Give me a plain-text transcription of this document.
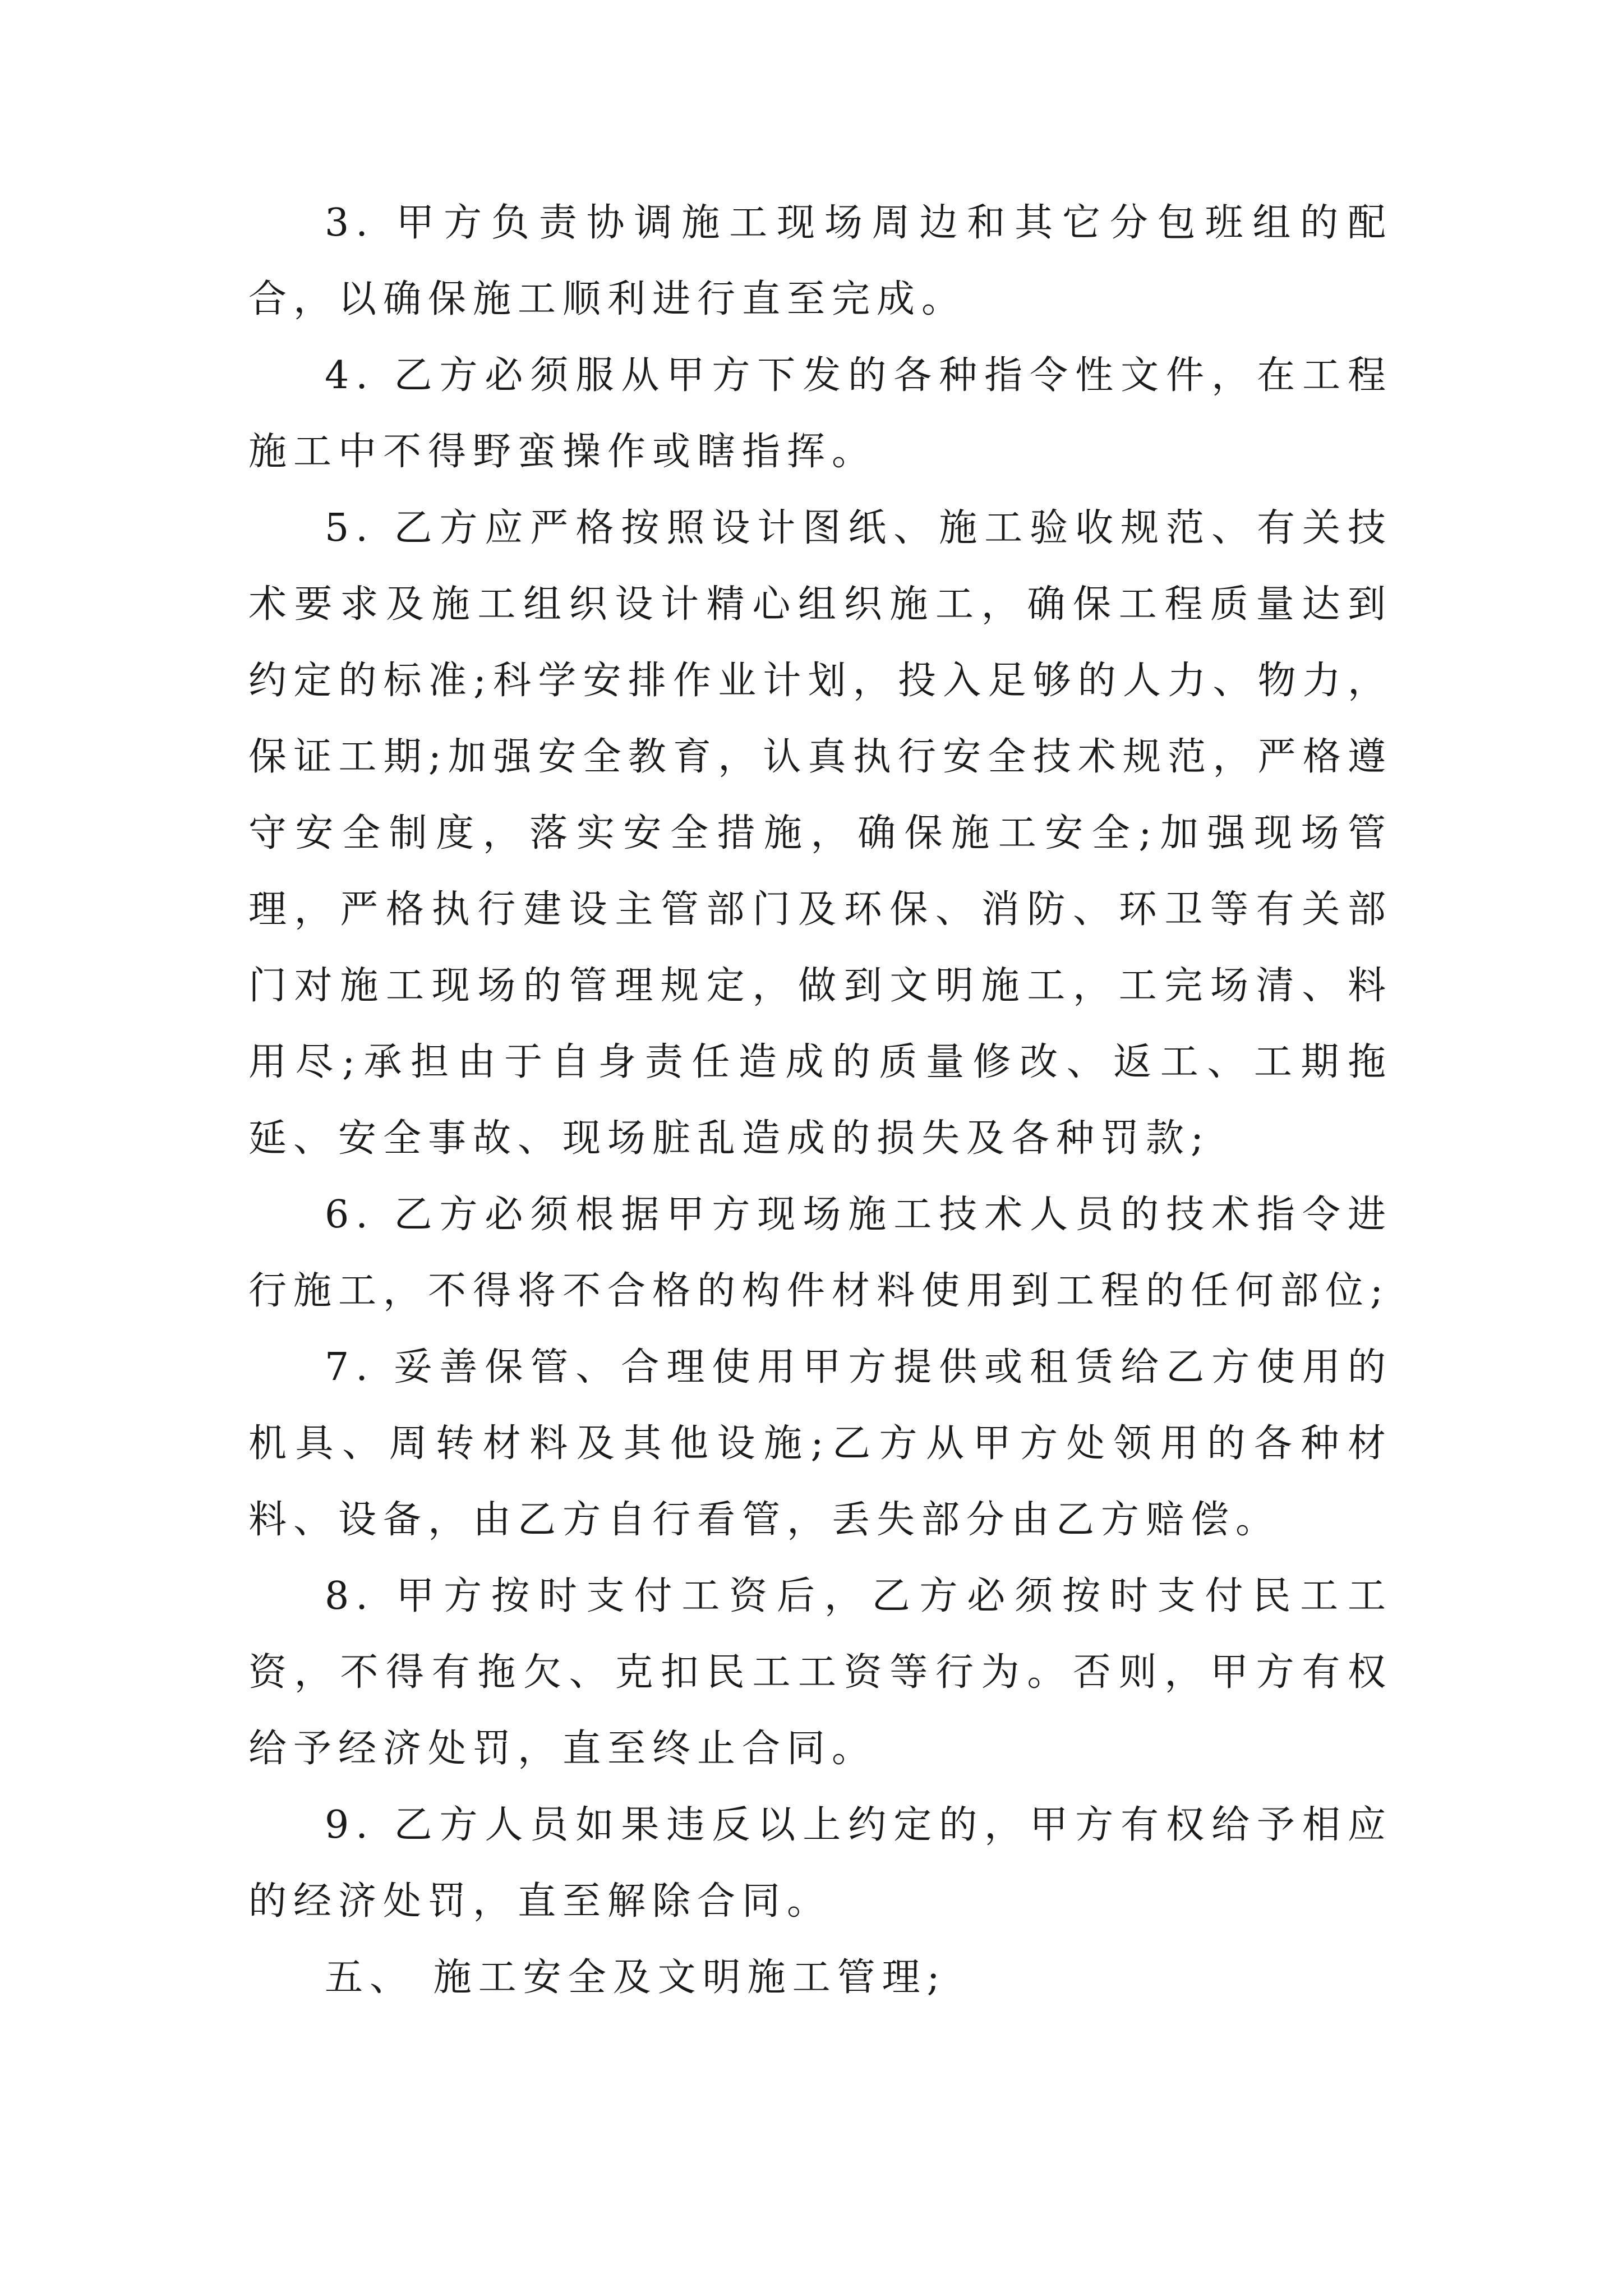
3. 甲方负责协调施工现场周边和其它分包班组的配合，以确保施工顺利进行直至完成。

4. 乙方必须服从甲方下发的各种指令性文件，在工程施工中不得野蛮操作或瞎指挥。

5. 乙方应严格按照设计图纸、施工验收规范、有关技术要求及施工组织设计精心组织施工，确保工程质量达到约定的标准;科学安排作业计划，投入足够的人力、物力，保证工期;加强安全教育，认真执行安全技术规范，严格遵守安全制度，落实安全措施，确保施工安全;加强现场管理，严格执行建设主管部门及环保、消防、环卫等有关部门对施工现场的管理规定，做到文明施工，工完场清、料用尽;承担由于自身责任造成的质量修改、返工、工期拖延、安全事故、现场脏乱造成的损失及各种罚款;

6. 乙方必须根据甲方现场施工技术人员的技术指令进行施工，不得将不合格的构件材料使用到工程的任何部位;

7. 妥善保管、合理使用甲方提供或租赁给乙方使用的机具、周转材料及其他设施;乙方从甲方处领用的各种材料、设备，由乙方自行看管，丢失部分由乙方赔偿。

8. 甲方按时支付工资后，乙方必须按时支付民工工资，不得有拖欠、克扣民工工资等行为。否则，甲方有权给予经济处罚，直至终止合同。

9. 乙方人员如果违反以上约定的，甲方有权给予相应的经济处罚，直至解除合同。

五、 施工安全及文明施工管理;
